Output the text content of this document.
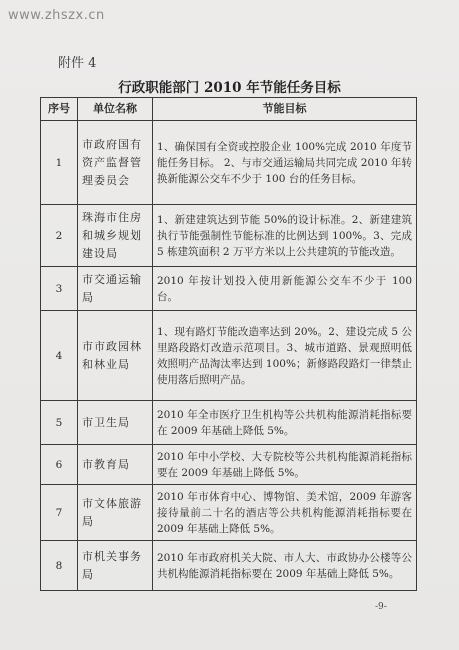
www.zhszx.cn
附件 4
行政职能部门 2010 年节能任务目标
序号	单位名称	节能目标
1	市政府国有资产监督管理委员会	1、确保国有全资或控股企业 100%完成 2010 年度节能任务目标。 2、与市交通运输局共同完成 2010 年转换新能源公交车不少于 100 台的任务目标。
2	珠海市住房和城乡规划建设局	1、新建建筑达到节能 50%的设计标准。2、新建建筑执行节能强制性节能标准的比例达到 100%。3、完成 5 栋建筑面积 2 万平方米以上公共建筑的节能改造。
3	市交通运输局	2010 年按计划投入使用新能源公交车不少于 100 台。
4	市市政园林和林业局	1、现有路灯节能改造率达到 20%。2、建设完成 5 公里路段路灯改造示范项目。3、城市道路、景观照明低效照明产品淘汰率达到 100%；新修路段路灯一律禁止使用落后照明产品。
5	市卫生局	2010 年全市医疗卫生机构等公共机构能源消耗指标要在 2009 年基础上降低 5%。
6	市教育局	2010 年中小学校、大专院校等公共机构能源消耗指标要在 2009 年基础上降低 5%。
7	市文体旅游局	2010 年市体育中心、博物馆、美术馆，2009 年游客接待量前二十名的酒店等公共机构能源消耗指标要在 2009 年基础上降低 5%。
8	市机关事务局	2010 年市政府机关大院、市人大、市政协办公楼等公共机构能源消耗指标要在 2009 年基础上降低 5%。
-9-
